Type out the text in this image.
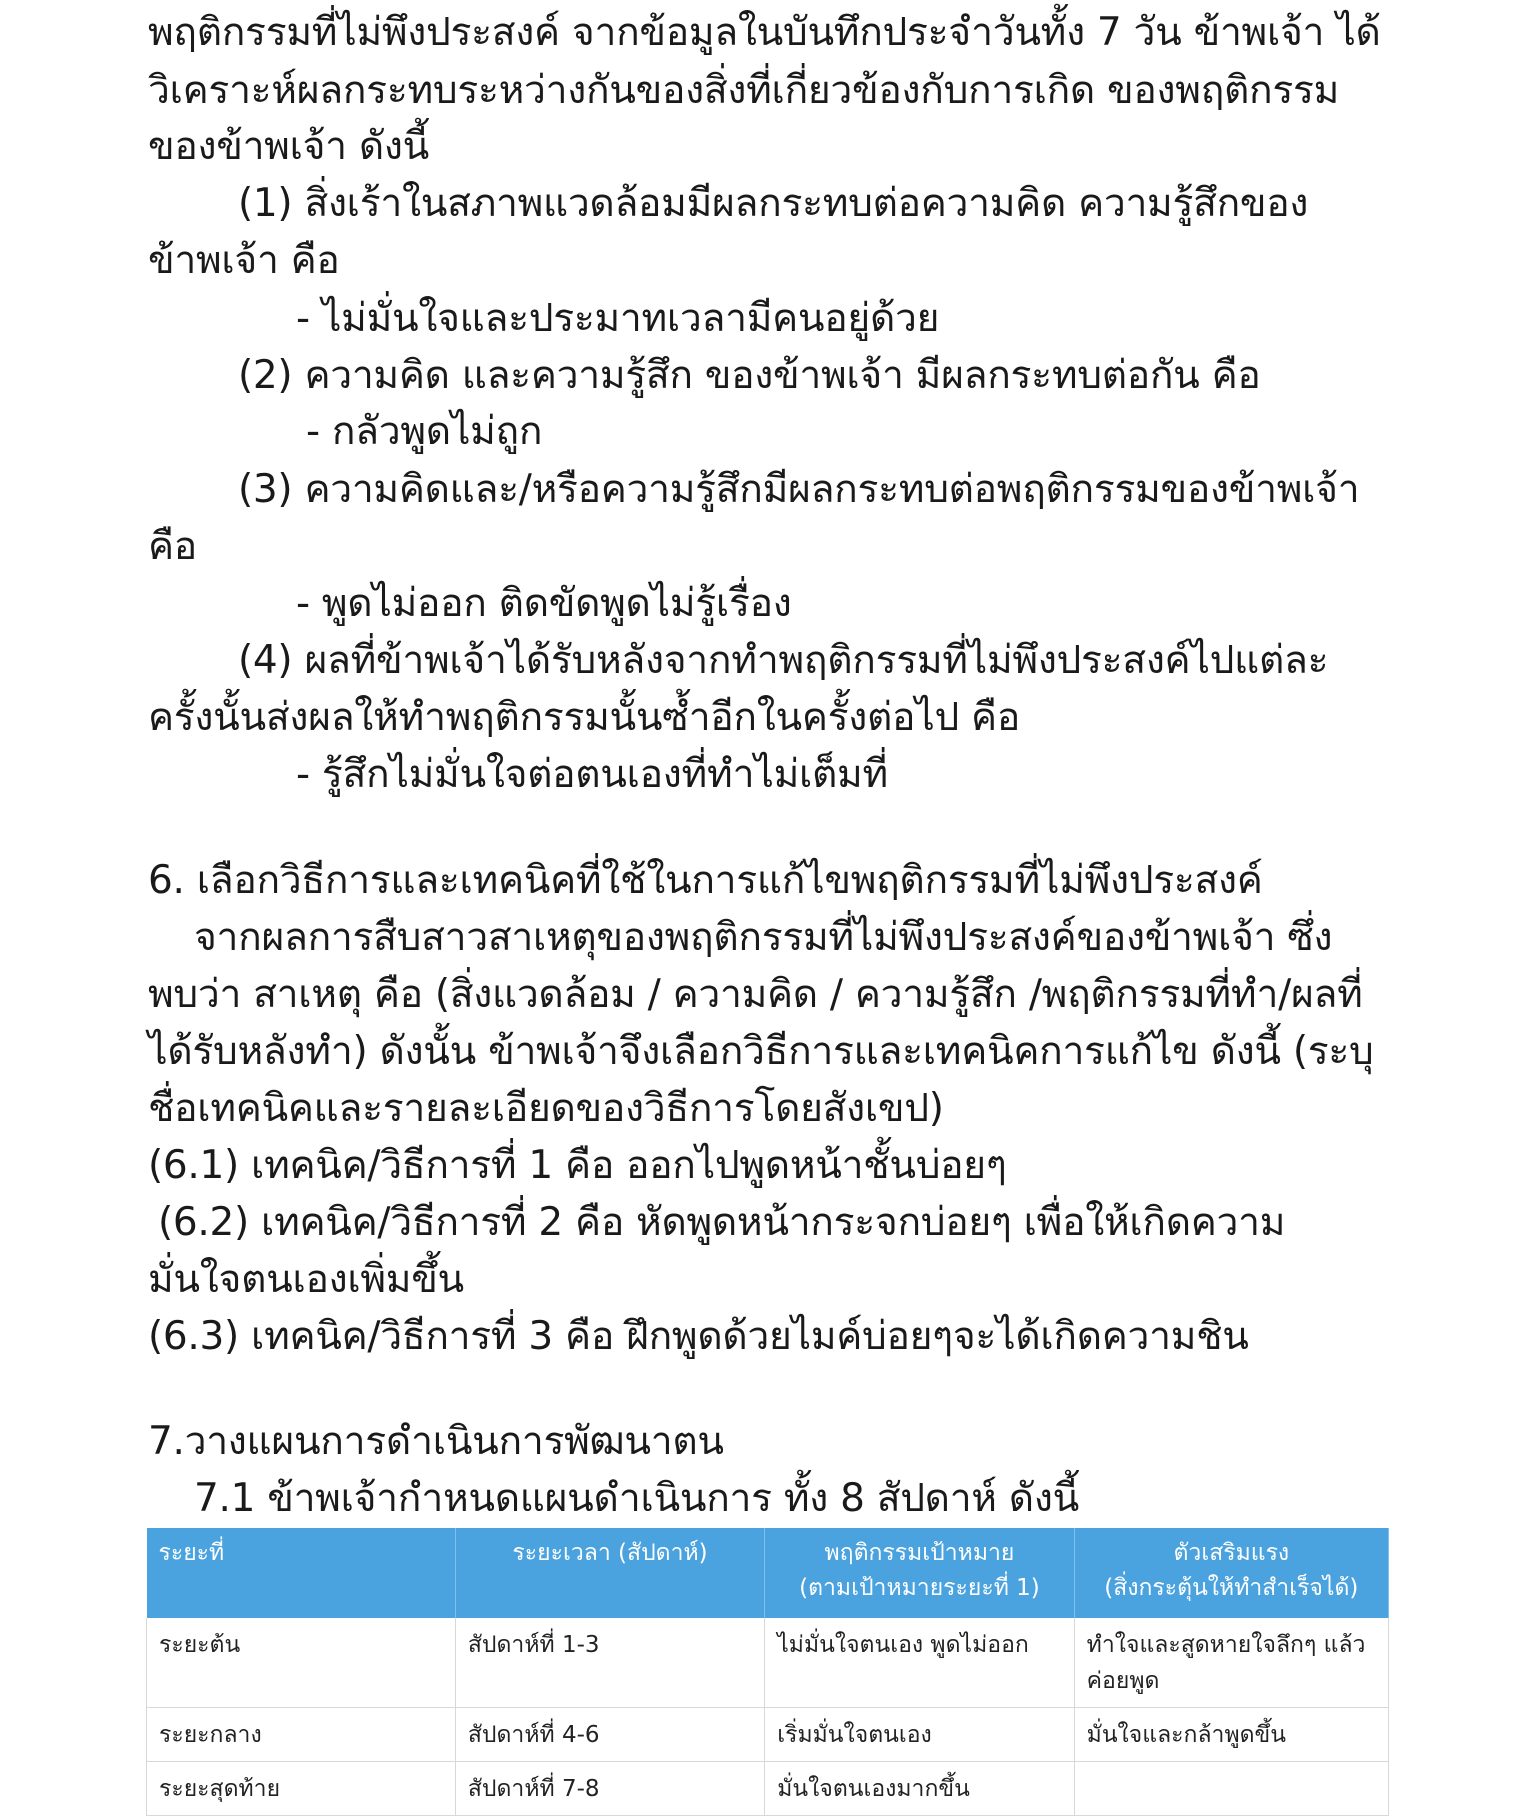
พฤติกรรมที่ไม่พึงประสงค์ จากข้อมูลในบันทึกประจำวันทั้ง 7 วัน ข้าพเจ้า ได้
วิเคราะห์ผลกระทบระหว่างกันของสิ่งที่เกี่ยวข้องกับการเกิด ของพฤติกรรม
ของข้าพเจ้า ดังนี้
(1) สิ่งเร้าในสภาพแวดล้อมมีผลกระทบต่อความคิด ความรู้สึกของ
ข้าพเจ้า คือ
- ไม่มั่นใจและประมาทเวลามีคนอยู่ด้วย
(2) ความคิด และความรู้สึก ของข้าพเจ้า มีผลกระทบต่อกัน คือ
- กลัวพูดไม่ถูก
(3) ความคิดและ/หรือความรู้สึกมีผลกระทบต่อพฤติกรรมของข้าพเจ้า
คือ
- พูดไม่ออก ติดขัดพูดไม่รู้เรื่อง
(4) ผลที่ข้าพเจ้าได้รับหลังจากทำพฤติกรรมที่ไม่พึงประสงค์ไปแต่ละ
ครั้งนั้นส่งผลให้ทำพฤติกรรมนั้นซ้ำอีกในครั้งต่อไป คือ
- รู้สึกไม่มั่นใจต่อตนเองที่ทำไม่เต็มที่
6. เลือกวิธีการและเทคนิคที่ใช้ในการแก้ไขพฤติกรรมที่ไม่พึงประสงค์
จากผลการสืบสาวสาเหตุของพฤติกรรมที่ไม่พึงประสงค์ของข้าพเจ้า ซึ่ง
พบว่า สาเหตุ คือ (สิ่งแวดล้อม / ความคิด / ความรู้สึก /พฤติกรรมที่ทำ/ผลที่
ได้รับหลังทำ) ดังนั้น ข้าพเจ้าจึงเลือกวิธีการและเทคนิคการแก้ไข ดังนี้ (ระบุ
ชื่อเทคนิคและรายละเอียดของวิธีการโดยสังเขป)
(6.1) เทคนิค/วิธีการที่ 1 คือ ออกไปพูดหน้าชั้นบ่อยๆ
(6.2) เทคนิค/วิธีการที่ 2 คือ หัดพูดหน้ากระจกบ่อยๆ เพื่อให้เกิดความ
มั่นใจตนเองเพิ่มขึ้น
(6.3) เทคนิค/วิธีการที่ 3 คือ ฝึกพูดด้วยไมค์บ่อยๆจะได้เกิดความชิน
7.วางแผนการดำเนินการพัฒนาตน
7.1 ข้าพเจ้ากำหนดแผนดำเนินการ ทั้ง 8 สัปดาห์ ดังนี้
ระยะที่	ระยะเวลา (สัปดาห์)	พฤติกรรมเป้าหมาย
(ตามเป้าหมายระยะที่ 1)	ตัวเสริมแรง
(สิ่งกระตุ้นให้ทำสำเร็จได้)

ระยะต้น	สัปดาห์ที่ 1-3	ไม่มั่นใจตนเอง พูดไม่ออก	ทำใจและสูดหายใจลึกๆ แล้วค่อยพูด
ระยะกลาง	สัปดาห์ที่ 4-6	เริ่มมั่นใจตนเอง	มั่นใจและกล้าพูดขึ้น
ระยะสุดท้าย	สัปดาห์ที่ 7-8	มั่นใจตนเองมากขึ้น	
